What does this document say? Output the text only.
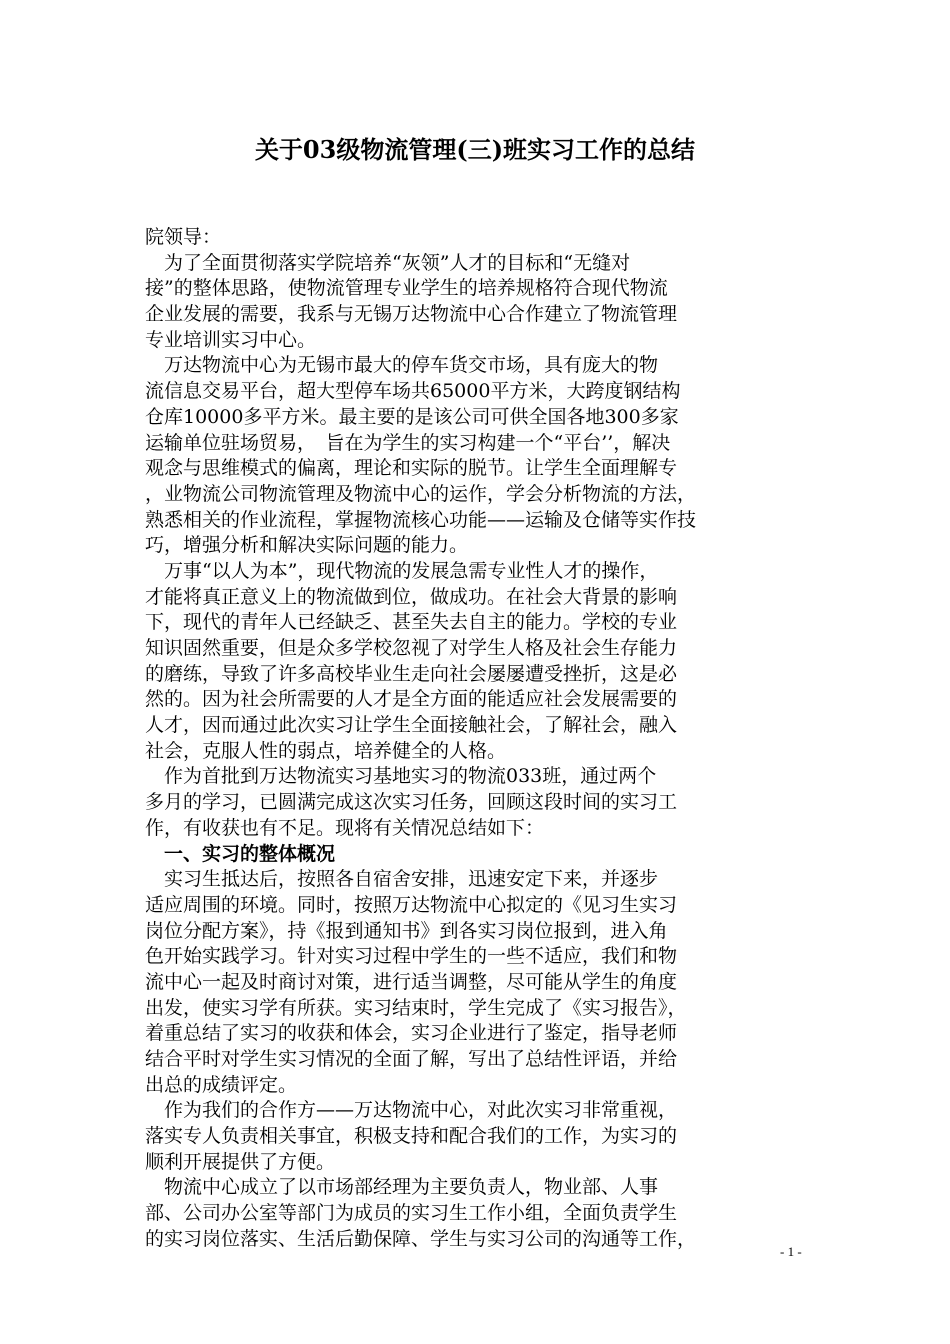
关于03级物流管理(三)班实习工作的总结
院领导：
　为了全面贯彻落实学院培养“灰领”人才的目标和“无缝对
接”的整体思路，使物流管理专业学生的培养规格符合现代物流
企业发展的需要，我系与无锡万达物流中心合作建立了物流管理
专业培训实习中心。
　万达物流中心为无锡市最大的停车货交市场，具有庞大的物
流信息交易平台，超大型停车场共65000平方米，大跨度钢结构
仓库10000多平方米。最主要的是该公司可供全国各地300多家
运输单位驻场贸易，　旨在为学生的实习构建一个“平台’’，解决
观念与思维模式的偏离，理论和实际的脱节。让学生全面理解专
，业物流公司物流管理及物流中心的运作，学会分析物流的方法，
熟悉相关的作业流程，掌握物流核心功能——运输及仓储等实作技
巧，增强分析和解决实际问题的能力。
　万事“以人为本”，现代物流的发展急需专业性人才的操作，
才能将真正意义上的物流做到位，做成功。在社会大背景的影响
下，现代的青年人已经缺乏、甚至失去自主的能力。学校的专业
知识固然重要，但是众多学校忽视了对学生人格及社会生存能力
的磨练，导致了许多高校毕业生走向社会屡屡遭受挫折，这是必
然的。因为社会所需要的人才是全方面的能适应社会发展需要的
人才，因而通过此次实习让学生全面接触社会，了解社会，融入
社会，克服人性的弱点，培养健全的人格。
　作为首批到万达物流实习基地实习的物流033班，通过两个
多月的学习，已圆满完成这次实习任务，回顾这段时间的实习工
作，有收获也有不足。现将有关情况总结如下：
　一、实习的整体概况
　实习生抵达后，按照各自宿舍安排，迅速安定下来，并逐步
适应周围的环境。同时，按照万达物流中心拟定的《见习生实习
岗位分配方案》，持《报到通知书》到各实习岗位报到，进入角
色开始实践学习。针对实习过程中学生的一些不适应，我们和物
流中心一起及时商讨对策，进行适当调整，尽可能从学生的角度
出发，使实习学有所获。实习结束时，学生完成了《实习报告》，
着重总结了实习的收获和体会，实习企业进行了鉴定，指导老师
结合平时对学生实习情况的全面了解，写出了总结性评语，并给
出总的成绩评定。
　作为我们的合作方——万达物流中心，对此次实习非常重视，
落实专人负责相关事宜，积极支持和配合我们的工作，为实习的
顺利开展提供了方便。
　物流中心成立了以市场部经理为主要负责人，物业部、人事
部、公司办公室等部门为成员的实习生工作小组，全面负责学生
的实习岗位落实、生活后勤保障、学生与实习公司的沟通等工作，
- 1 -
